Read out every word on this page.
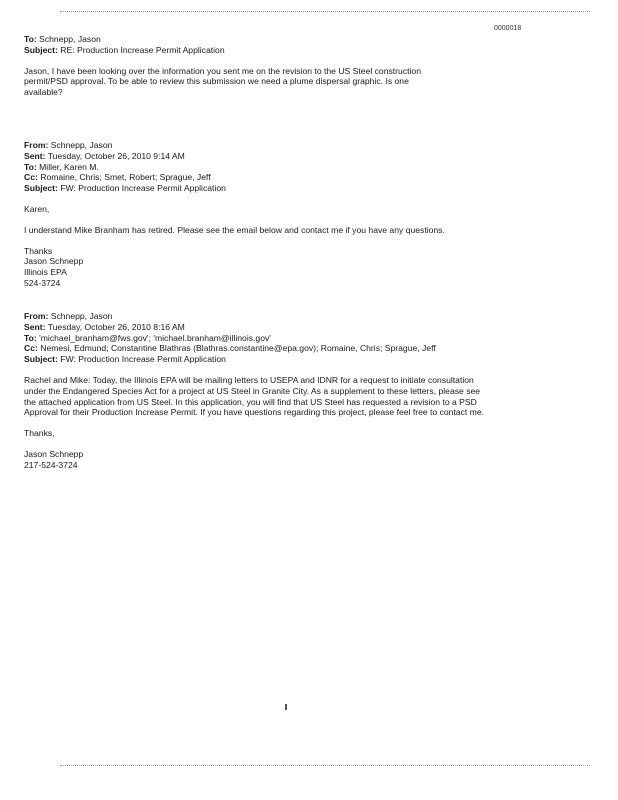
0000018
To: Schnepp, Jason
Subject: RE: Production Increase Permit Application
Jason, I have been looking over the information you sent me on the revision to the US Steel construction
permit/PSD approval. To be able to review this submission we need a plume dispersal graphic. Is one
available?
From: Schnepp, Jason
Sent: Tuesday, October 26, 2010 9:14 AM
To: Miller, Karen M.
Cc: Romaine, Chris; Smet, Robert; Sprague, Jeff
Subject: FW: Production Increase Permit Application
Karen,
I understand Mike Branham has retired. Please see the email below and contact me if you have any questions.
Thanks
Jason Schnepp
Illinois EPA
524-3724
From: Schnepp, Jason
Sent: Tuesday, October 26, 2010 8:16 AM
To: 'michael_branham@fws.gov'; 'michael.branham@illinois.gov'
Cc: Nemesi, Edmund; Constantine Blathras (Blathras.constantine@epa.gov); Romaine, Chris; Sprague, Jeff
Subject: FW: Production Increase Permit Application
Rachel and Mike: Today, the Illinois EPA will be mailing letters to USEPA and IDNR for a request to initiate consultation
under the Endangered Species Act for a project at US Steel in Granite City. As a supplement to these letters, please see
the attached application from US Steel. In this application, you will find that US Steel has requested a revision to a PSD
Approval for their Production Increase Permit. If you have questions regarding this project, please feel free to contact me.
Thanks,
Jason Schnepp
217-524-3724
